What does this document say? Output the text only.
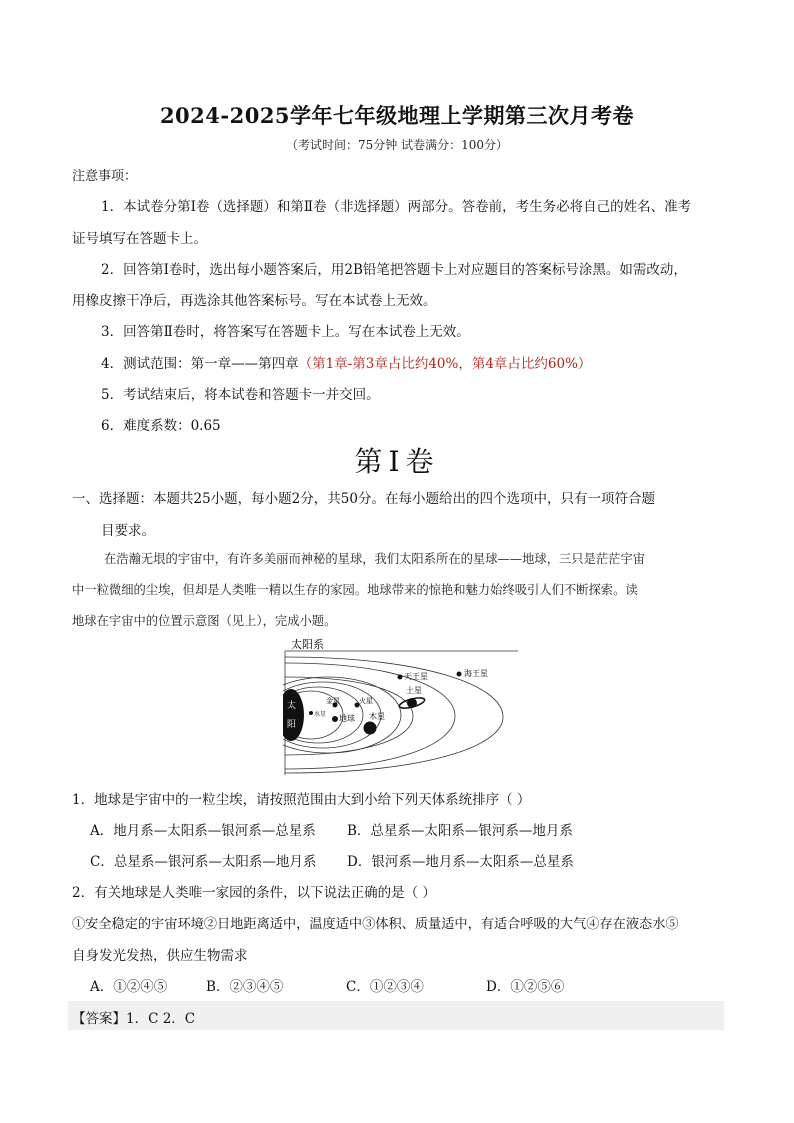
2024-2025学年七年级地理上学期第三次月考卷
（考试时间：75分钟 试卷满分：100分）
注意事项：
1．本试卷分第Ⅰ卷（选择题）和第Ⅱ卷（非选择题）两部分。答卷前，考生务必将自己的姓名、准考
证号填写在答题卡上。
2．回答第Ⅰ卷时，选出每小题答案后，用2B铅笔把答题卡上对应题目的答案标号涂黑。如需改动，
用橡皮擦干净后，再选涂其他答案标号。写在本试卷上无效。
3．回答第Ⅱ卷时，将答案写在答题卡上。写在本试卷上无效。
4．测试范围：第一章——第四章（第1章-第3章占比约40%，第4章占比约60%）
5．考试结束后，将本试卷和答题卡一并交回。
6．难度系数：0.65
第Ⅰ卷
一、选择题：本题共25小题，每小题2分，共50分。在每小题给出的四个选项中，只有一项符合题
目要求。
在浩瀚无垠的宇宙中，有许多美丽而神秘的星球，我们太阳系所在的星球——地球，三只是茫茫宇宙
中一粒微细的尘埃，但却是人类唯一精以生存的家园。地球带来的惊艳和魅力始终吸引人们不断探索。读
地球在宇宙中的位置示意图（见上），完成小题。
太阳系
太
阳
水星
金星
地球
火星
木星
土星
天王星	海王星
1．地球是宇宙中的一粒尘埃，请按照范围由大到小给下列天体系统排序（ ）
A．地月系—太阳系—银河系—总星系 B．总星系—太阳系—银河系—地月系
C．总星系—银河系—太阳系—地月系 D．银河系—地月系—太阳系—总星系
2．有关地球是人类唯一家园的条件，以下说法正确的是（ ）
①安全稳定的宇宙环境②日地距离适中，温度适中③体积、质量适中，有适合呼吸的大气④存在液态水⑤
自身发光发热，供应生物需求
A．①②④⑤	B．②③④⑤	C．①②③④	D．①②⑤⑥
【答案】1．C 2．C
